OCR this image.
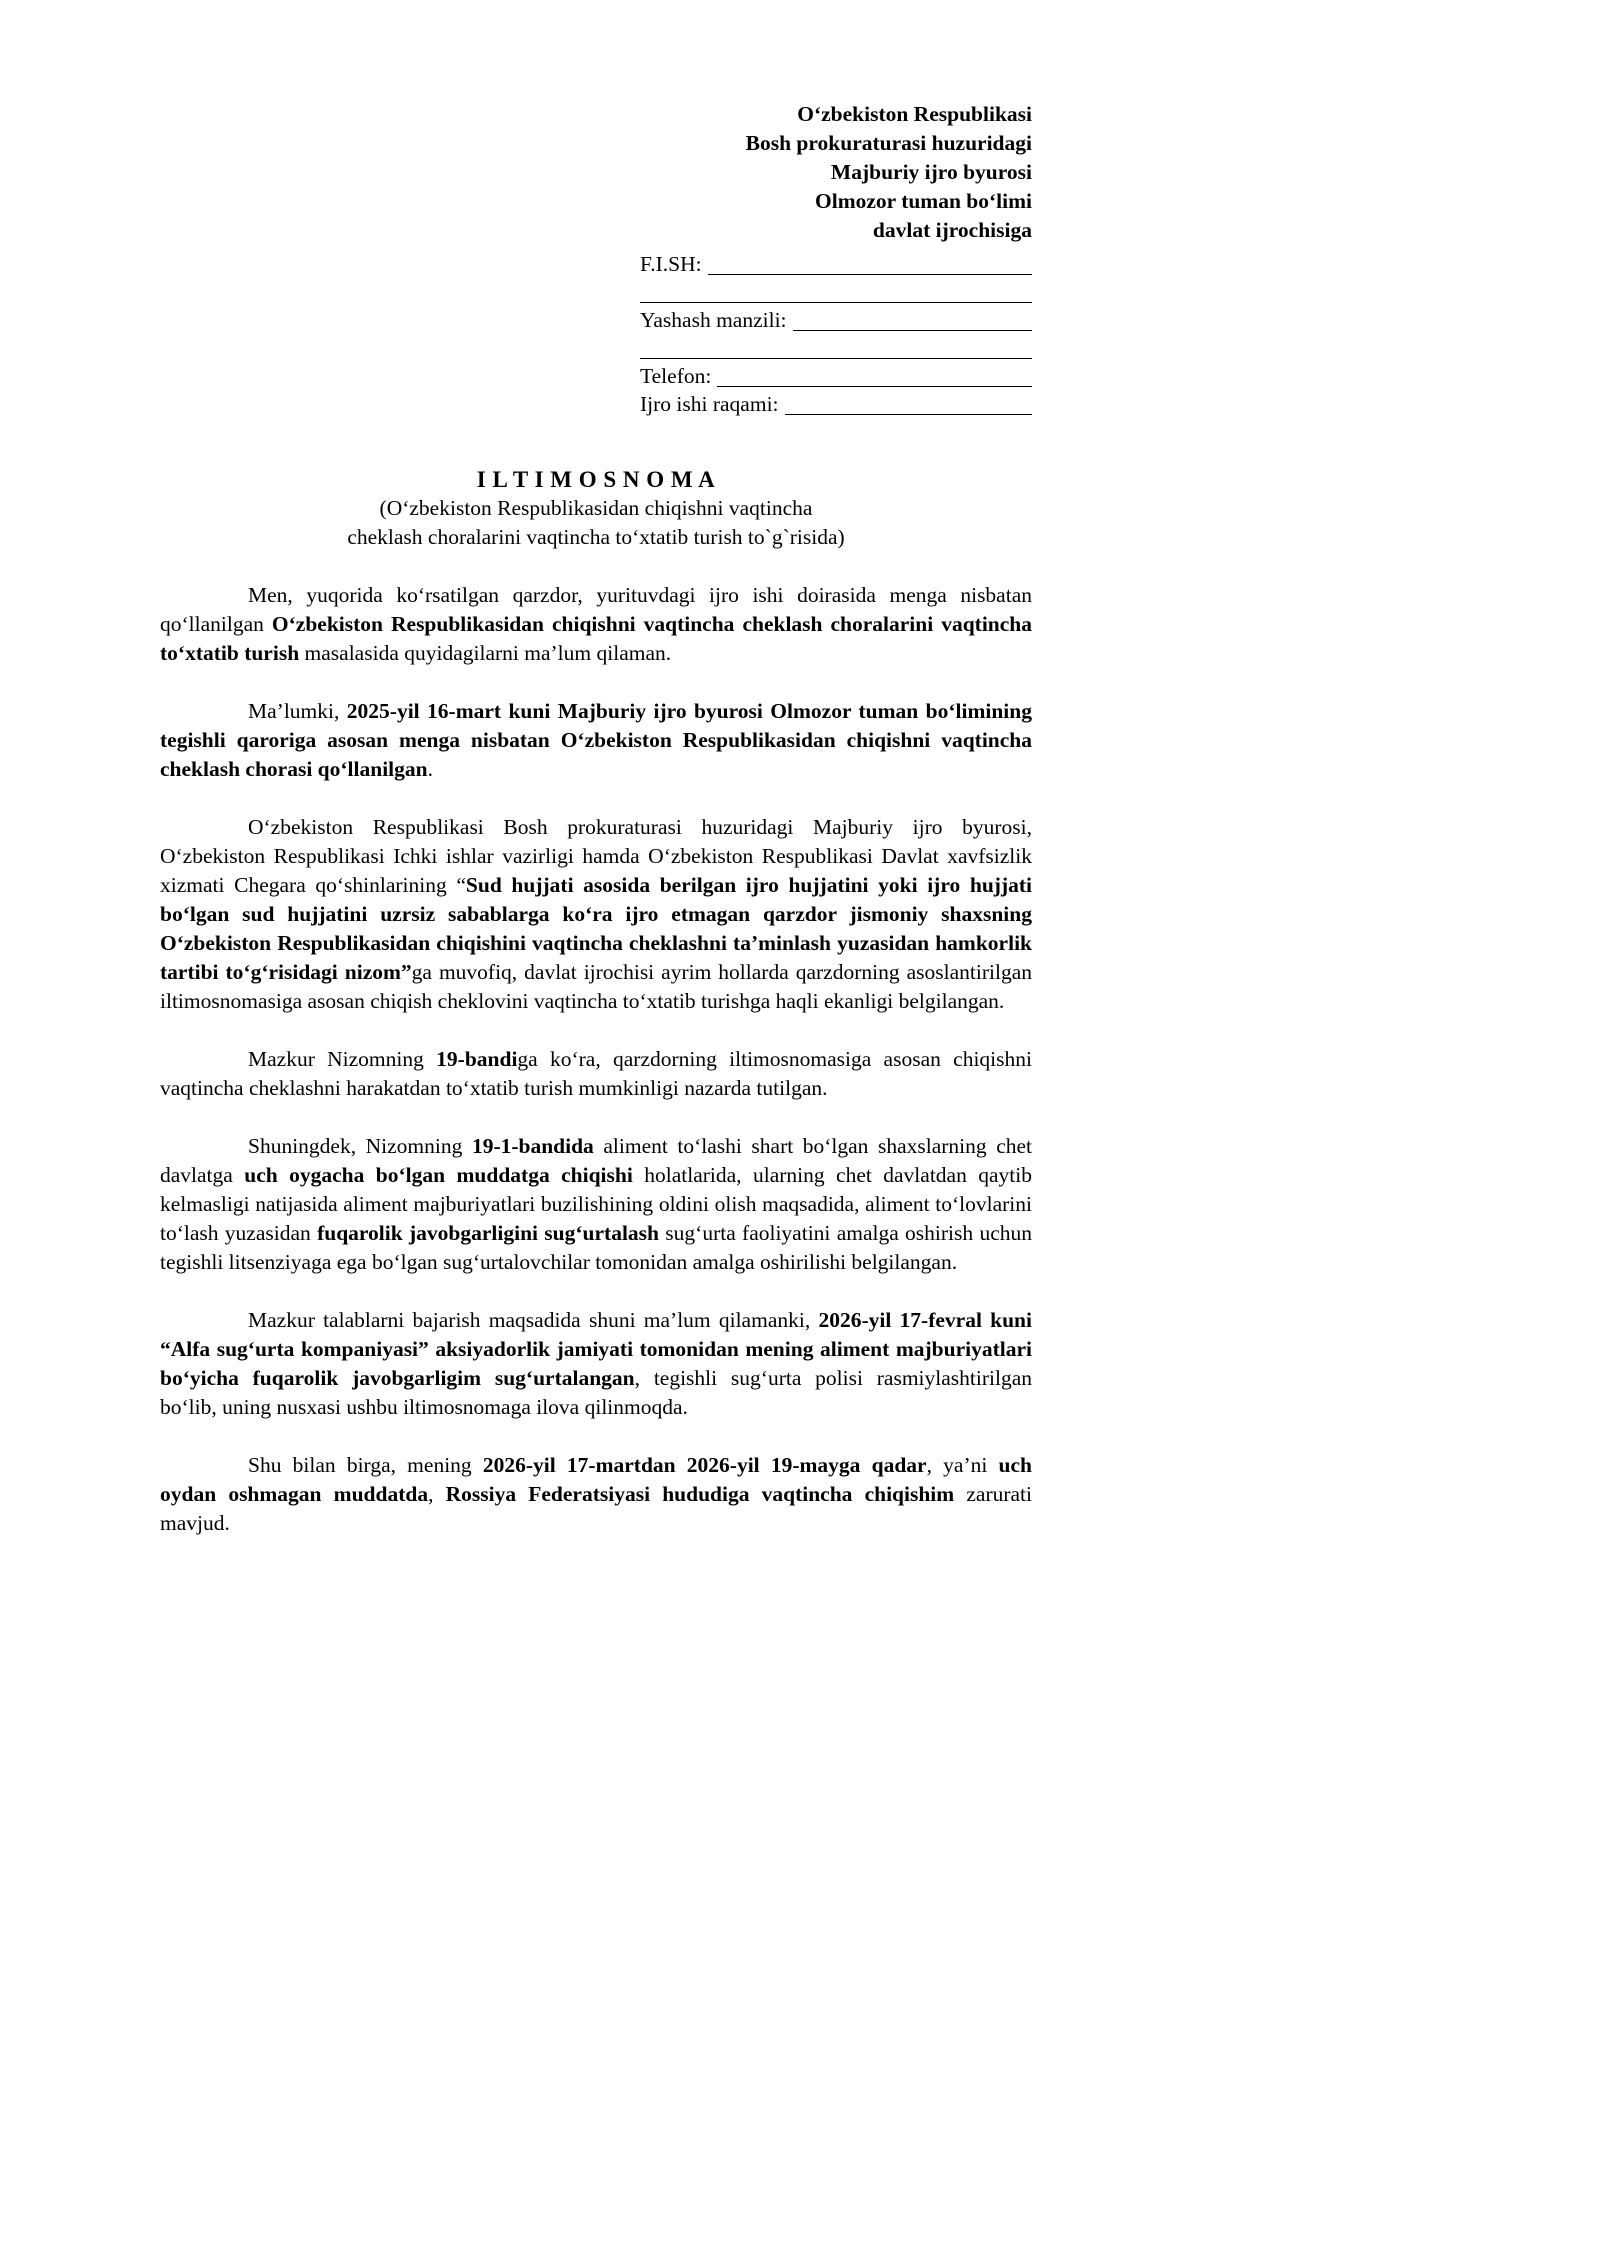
O‘zbekiston Respublikasi
Bosh prokuraturasi huzuridagi
Majburiy ijro byurosi
Olmozor tuman bo‘limi
davlat ijrochisiga
F.I.SH:
Yashash manzili:
Telefon:
Ijro ishi raqami:
I L T I M O S N O M A
(O‘zbekiston Respublikasidan chiqishni vaqtincha
cheklash choralarini vaqtincha to‘xtatib turish to`g`risida)

Men, yuqorida ko‘rsatilgan qarzdor, yurituvdagi ijro ishi doirasida menga nisbatan qo‘llanilgan O‘zbekiston Respublikasidan chiqishni vaqtincha cheklash choralarini vaqtincha to‘xtatib turish masalasida quyidagilarni ma’lum qilaman.

Ma’lumki, 2025-yil 16-mart kuni Majburiy ijro byurosi Olmozor tuman bo‘limining tegishli qaroriga asosan menga nisbatan O‘zbekiston Respublikasidan chiqishni vaqtincha cheklash chorasi qo‘llanilgan.

O‘zbekiston Respublikasi Bosh prokuraturasi huzuridagi Majburiy ijro byurosi, O‘zbekiston Respublikasi Ichki ishlar vazirligi hamda O‘zbekiston Respublikasi Davlat xavfsizlik xizmati Chegara qo‘shinlarining “Sud hujjati asosida berilgan ijro hujjatini yoki ijro hujjati bo‘lgan sud hujjatini uzrsiz sabablarga ko‘ra ijro etmagan qarzdor jismoniy shaxsning O‘zbekiston Respublikasidan chiqishini vaqtincha cheklashni ta’minlash yuzasidan hamkorlik tartibi to‘g‘risidagi nizom”ga muvofiq, davlat ijrochisi ayrim hollarda qarzdorning asoslantirilgan iltimosnomasiga asosan chiqish cheklovini vaqtincha to‘xtatib turishga haqli ekanligi belgilangan.

Mazkur Nizomning 19-bandiga ko‘ra, qarzdorning iltimosnomasiga asosan chiqishni vaqtincha cheklashni harakatdan to‘xtatib turish mumkinligi nazarda tutilgan.

Shuningdek, Nizomning 19-1-bandida aliment to‘lashi shart bo‘lgan shaxslarning chet davlatga uch oygacha bo‘lgan muddatga chiqishi holatlarida, ularning chet davlatdan qaytib kelmasligi natijasida aliment majburiyatlari buzilishining oldini olish maqsadida, aliment to‘lovlarini to‘lash yuzasidan fuqarolik javobgarligini sug‘urtalash sug‘urta faoliyatini amalga oshirish uchun tegishli litsenziyaga ega bo‘lgan sug‘urtalovchilar tomonidan amalga oshirilishi belgilangan.

Mazkur talablarni bajarish maqsadida shuni ma’lum qilamanki, 2026-yil 17-fevral kuni “Alfa sug‘urta kompaniyasi” aksiyadorlik jamiyati tomonidan mening aliment majburiyatlari bo‘yicha fuqarolik javobgarligim sug‘urtalangan, tegishli sug‘urta polisi rasmiylashtirilgan bo‘lib, uning nusxasi ushbu iltimosnomaga ilova qilinmoqda.

Shu bilan birga, mening 2026-yil 17-martdan 2026-yil 19-mayga qadar, ya’ni uch oydan oshmagan muddatda, Rossiya Federatsiyasi hududiga vaqtincha chiqishim zarurati mavjud.
